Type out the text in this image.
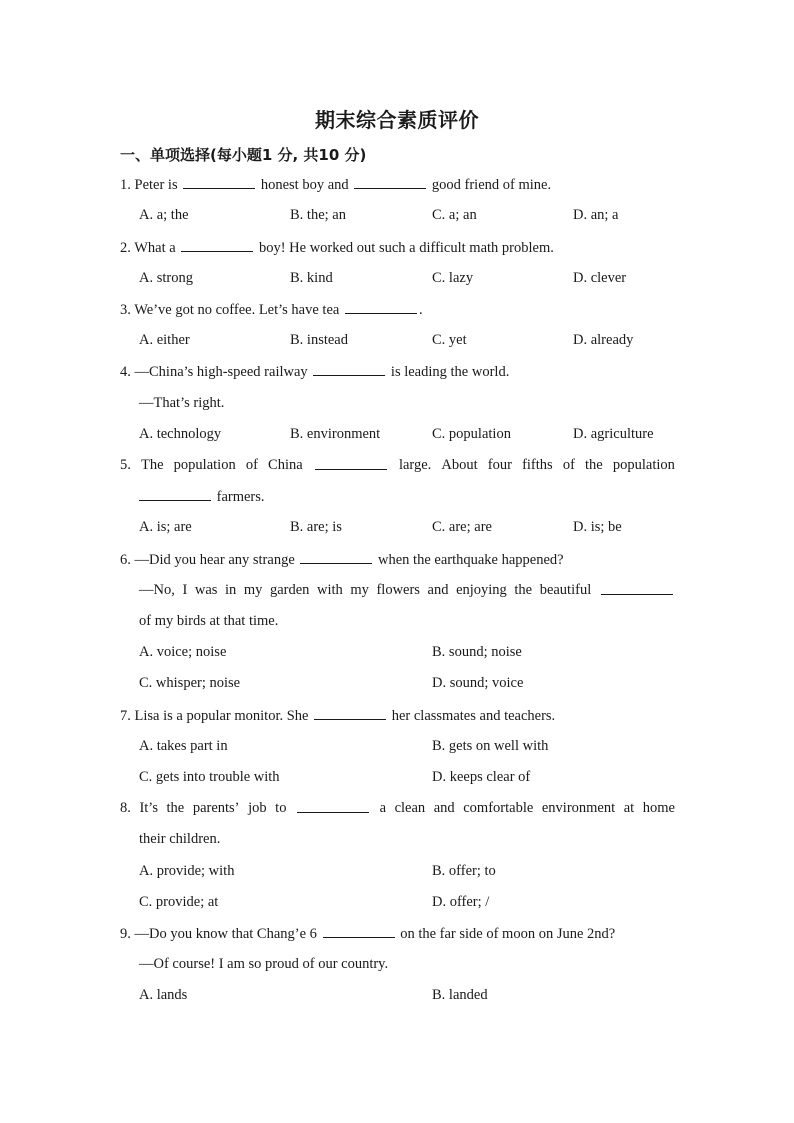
期末综合素质评价
一、单项选择(每小题1 分, 共10 分)
1. Peter is	honest boy and	good friend of mine.
A. a; the	B. the; an	C. a; an	D. an; a
2. What a	boy! He worked out such a difficult math problem.
A. strong	B. kind	C. lazy	D. clever
3. We’ve got no coffee. Let’s have tea	.
A. either	B. instead	C. yet	D. already
4. —China’s high-speed railway	is leading the world.
—That’s right.
A. technology	B. environment	C. population	D. agriculture
5. The population of China	large. About four fifths of the population
farmers.
A. is; are	B. are; is	C. are; are	D. is; be
6. —Did you hear any strange	when the earthquake happened?
—No, I was in my garden with my flowers and enjoying the beautiful
of my birds at that time.
A. voice; noise	B. sound; noise
C. whisper; noise	D. sound; voice
7. Lisa is a popular monitor. She	her classmates and teachers.
A. takes part in	B. gets on well with
C. gets into trouble with	D. keeps clear of
8. It’s the parents’ job to	a clean and comfortable environment at home
their children.
A. provide; with	B. offer; to
C. provide; at	D. offer; /
9. —Do you know that Chang’e 6	on the far side of moon on June 2nd?
—Of course! I am so proud of our country.
A. lands	B. landed
